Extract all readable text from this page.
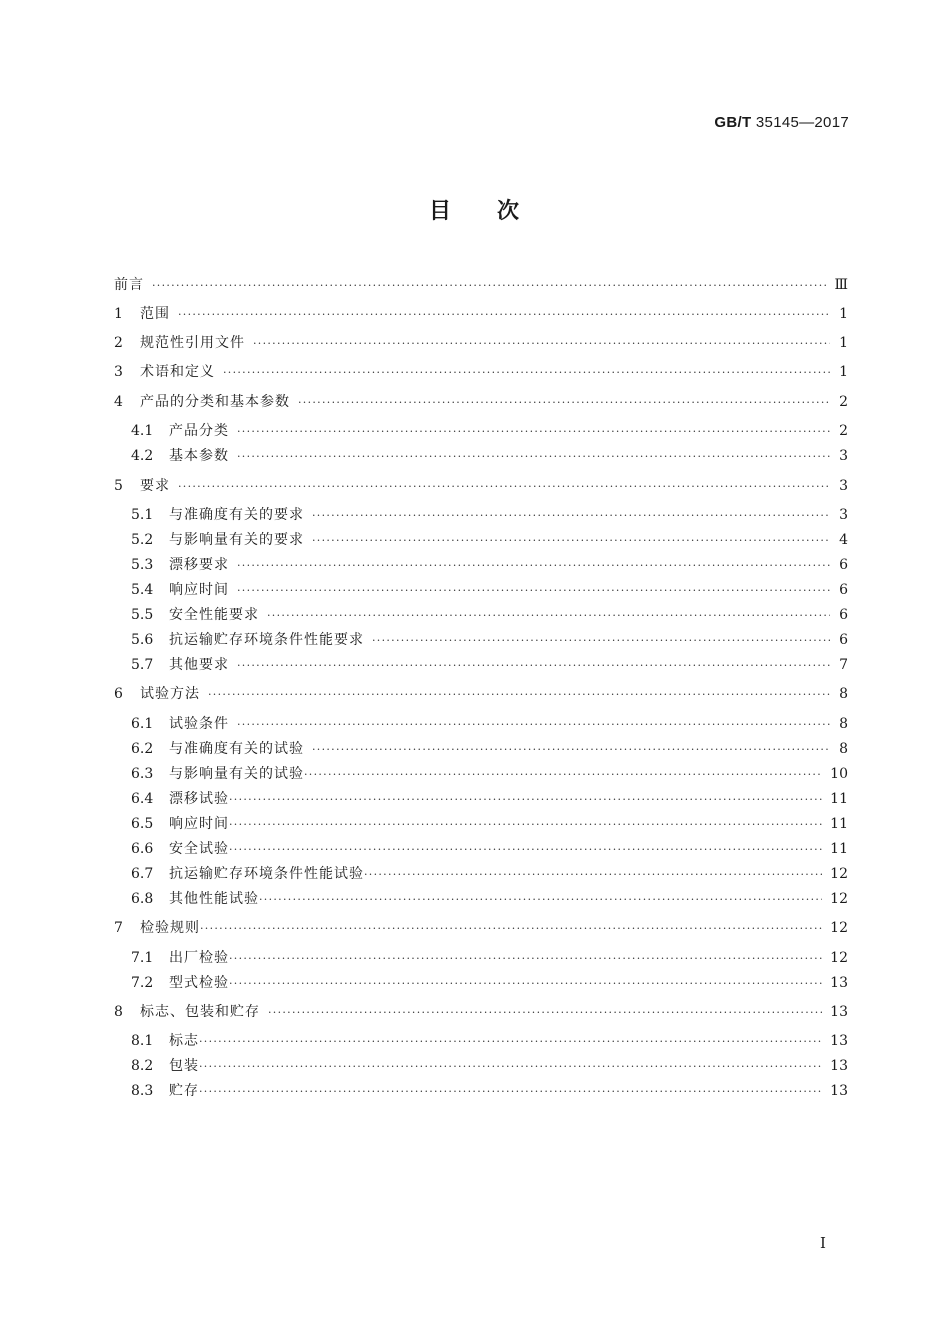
GB/T 35145—2017
目 次
前言 ·····	Ⅲ
1	范围 ·····	1
2	规范性引用文件 ·····	1
3	术语和定义 ·····	1
4	产品的分类和基本参数 ·····	2
4.1	产品分类 ·····	2
4.2	基本参数 ·····	3
5	要求 ·····	3
5.1	与准确度有关的要求 ·····	3
5.2	与影响量有关的要求 ·····	4
5.3	漂移要求 ·····	6
5.4	响应时间 ·····	6
5.5	安全性能要求 ·····	6
5.6	抗运输贮存环境条件性能要求 ·····	6
5.7	其他要求 ·····	7
6	试验方法 ·····	8
6.1	试验条件 ·····	8
6.2	与准确度有关的试验 ·····	8
6.3	与影响量有关的试验 ·····	10
6.4	漂移试验 ·····	11
6.5	响应时间 ·····	11
6.6	安全试验 ·····	11
6.7	抗运输贮存环境条件性能试验 ·····	12
6.8	其他性能试验 ·····	12
7	检验规则 ·····	12
7.1	出厂检验 ·····	12
7.2	型式检验 ·····	13
8	标志、包装和贮存 ·····	13
8.1	标志 ·····	13
8.2	包装 ·····	13
8.3	贮存 ·····	13
I
